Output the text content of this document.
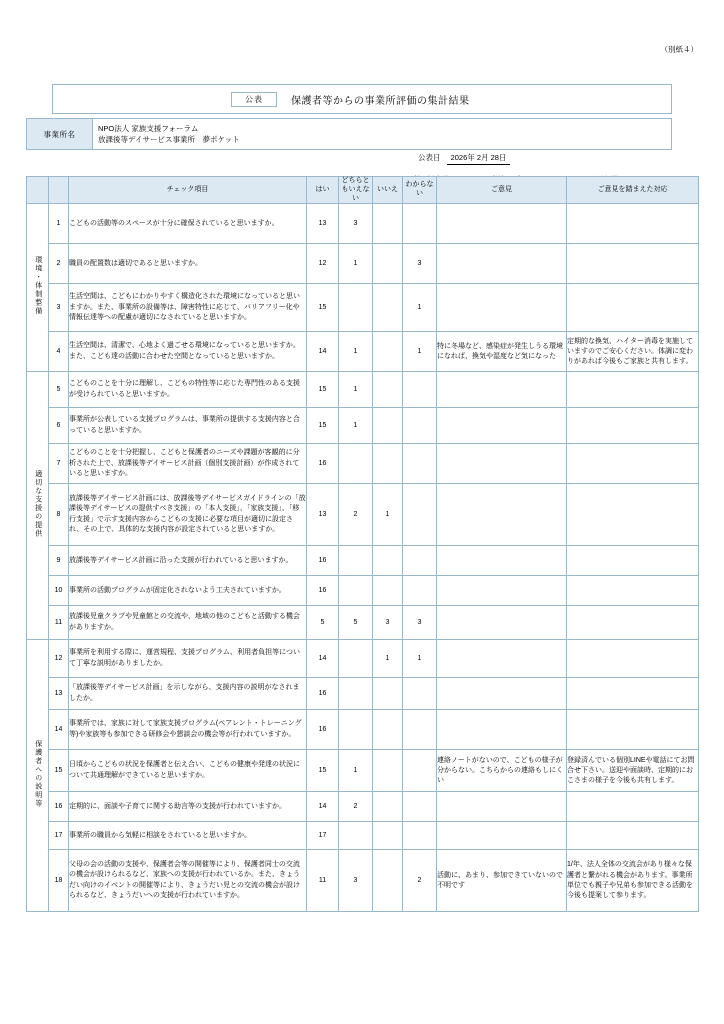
（別紙４）
公表	保護者等からの事業所評価の集計結果
事業所名
NPO法人 家族支援フォーラム
放課後等デイサービス事業所　夢ポケット
公表日 2026年 2月 28日
		チェック項目	はい	どちらともいえない	いいえ	わからない	ご意見	ご意見を踏まえた対応
環境・体制整備	1	こどもの活動等のスペースが十分に確保されていると思いますか。	13	3				
	2	職員の配置数は適切であると思いますか。	12	1		3		
	3	生活空間は、こどもにわかりやすく構造化された環境になっていると思いますか。また、事業所の設備等は、障害特性に応じて、バリアフリー化や情報伝達等への配慮が適切になされていると思いますか。	15			1		
	4	生活空間は、清潔で、心地よく過ごせる環境になっていると思いますか。また、こども達の活動に合わせた空間となっていると思いますか。	14	1		1	特に冬場など、感染症が発生しうる環境になれば、換気や湿度など気になった	定期的な換気、ハイター消毒を実施していますのでご安心ください。体調に変わりがあれば今後もご家族と共有します。
適切な支援の提供	5	こどものことを十分に理解し、こどもの特性等に応じた専門性のある支援が受けられていると思いますか。	15	1				
	6	事業所が公表している支援プログラムは、事業所の提供する支援内容と合っていると思いますか。	15	1				
	7	こどものことを十分把握し、こどもと保護者のニーズや課題が客観的に分析された上で、放課後等デイサービス計画（個別支援計画）が作成されていると思いますか。	16					
	8	放課後等デイサービス計画には、放課後等デイサービスガイドラインの「放課後等デイサービスの提供すべき支援」の「本人支援」、「家族支援」、「移行支援」で示す支援内容からこどもの支援に必要な項目が適切に設定され、その上で、具体的な支援内容が設定されていると思いますか。	13	2	1			
	9	放課後等デイサービス計画に沿った支援が行われていると思いますか。	16					
	10	事業所の活動プログラムが固定化されないよう工夫されていますか。	16					
	11	放課後児童クラブや児童館との交流や、地域の他のこどもと活動する機会がありますか。	5	5	3	3		
保護者への説明等	12	事業所を利用する際に、運営規程、支援プログラム、利用者負担等について丁寧な説明がありましたか。	14		1	1		
	13	「放課後等デイサービス計画」を示しながら、支援内容の説明がなされましたか。	16					
	14	事業所では、家族に対して家族支援プログラム(ペアレント・トレーニング等)や家族等も参加できる研修会や懇談会の機会等が行われていますか。	16					
	15	日頃からこどもの状況を保護者と伝え合い、こどもの健康や発達の状況について共通理解ができていると思いますか。	15	1			連絡ノートがないので、こどもの様子が分からない。こちらからの連絡もしにくい	登録済んでいる個別LINEや電話にてお問合せ下さい。送迎や面談時、定期的におこさまの様子を今後も共有します。
	16	定期的に、面談や子育てに関する助言等の支援が行われていますか。	14	2				
	17	事業所の職員から気軽に相談をされていると思いますか。	17					
	18	父母の会の活動の支援や、保護者会等の開催等により、保護者同士の交流の機会が設けられるなど、家族への支援が行われているか。また、きょうだい向けのイベントの開催等により、きょうだい児との交流の機会が設けられるなど、きょうだいへの支援が行われていますか。	11	3		2	活動に、あまり、参加できていないので不明です	1/年、法人全体の交流会があり様々な保護者と繋がれる機会があります。事業所単位でも親子や兄弟も参加できる活動を今後も提案して参ります。
